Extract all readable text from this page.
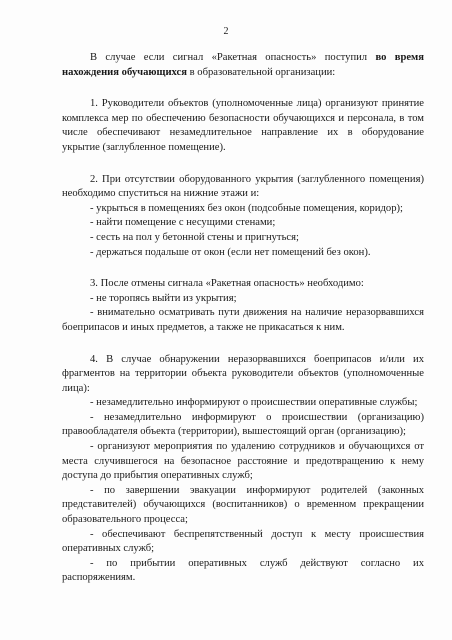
2

В случае если сигнал «Ракетная опасность» поступил во время нахождения обучающихся в образовательной организации:

1. Руководители объектов (уполномоченные лица) организуют принятие комплекса мер по обеспечению безопасности обучающихся и персонала, в том числе обеспечивают незамедлительное направление их в оборудование укрытие (заглубленное помещение).

2. При отсутствии оборудованного укрытия (заглубленного помещения) необходимо спуститься на нижние этажи и:

- укрыться в помещениях без окон (подсобные помещения, коридор);

- найти помещение с несущими стенами;

- сесть на пол у бетонной стены и пригнуться;

- держаться подальше от окон (если нет помещений без окон).

3. После отмены сигнала «Ракетная опасность» необходимо:

- не торопясь выйти из укрытия;

- внимательно осматривать пути движения на наличие неразорвавшихся боеприпасов и иных предметов, а также не прикасаться к ним.

4. В случае обнаружении неразорвавшихся боеприпасов и/или их фрагментов на территории объекта руководители объектов (уполномоченные лица):

- незамедлительно информируют о происшествии оперативные службы;

- незамедлительно информируют о происшествии (организацию) правообладателя объекта (территории), вышестоящий орган (организацию);

- организуют мероприятия по удалению сотрудников и обучающихся от места случившегося на безопасное расстояние и предотвращению к нему доступа до прибытия оперативных служб;

- по завершении эвакуации информируют родителей (законных представителей) обучающихся (воспитанников) о временном прекращении образовательного процесса;

- обеспечивают беспрепятственный доступ к месту происшествия оперативных служб;

- по прибытии оперативных служб действуют согласно их распоряжениям.
